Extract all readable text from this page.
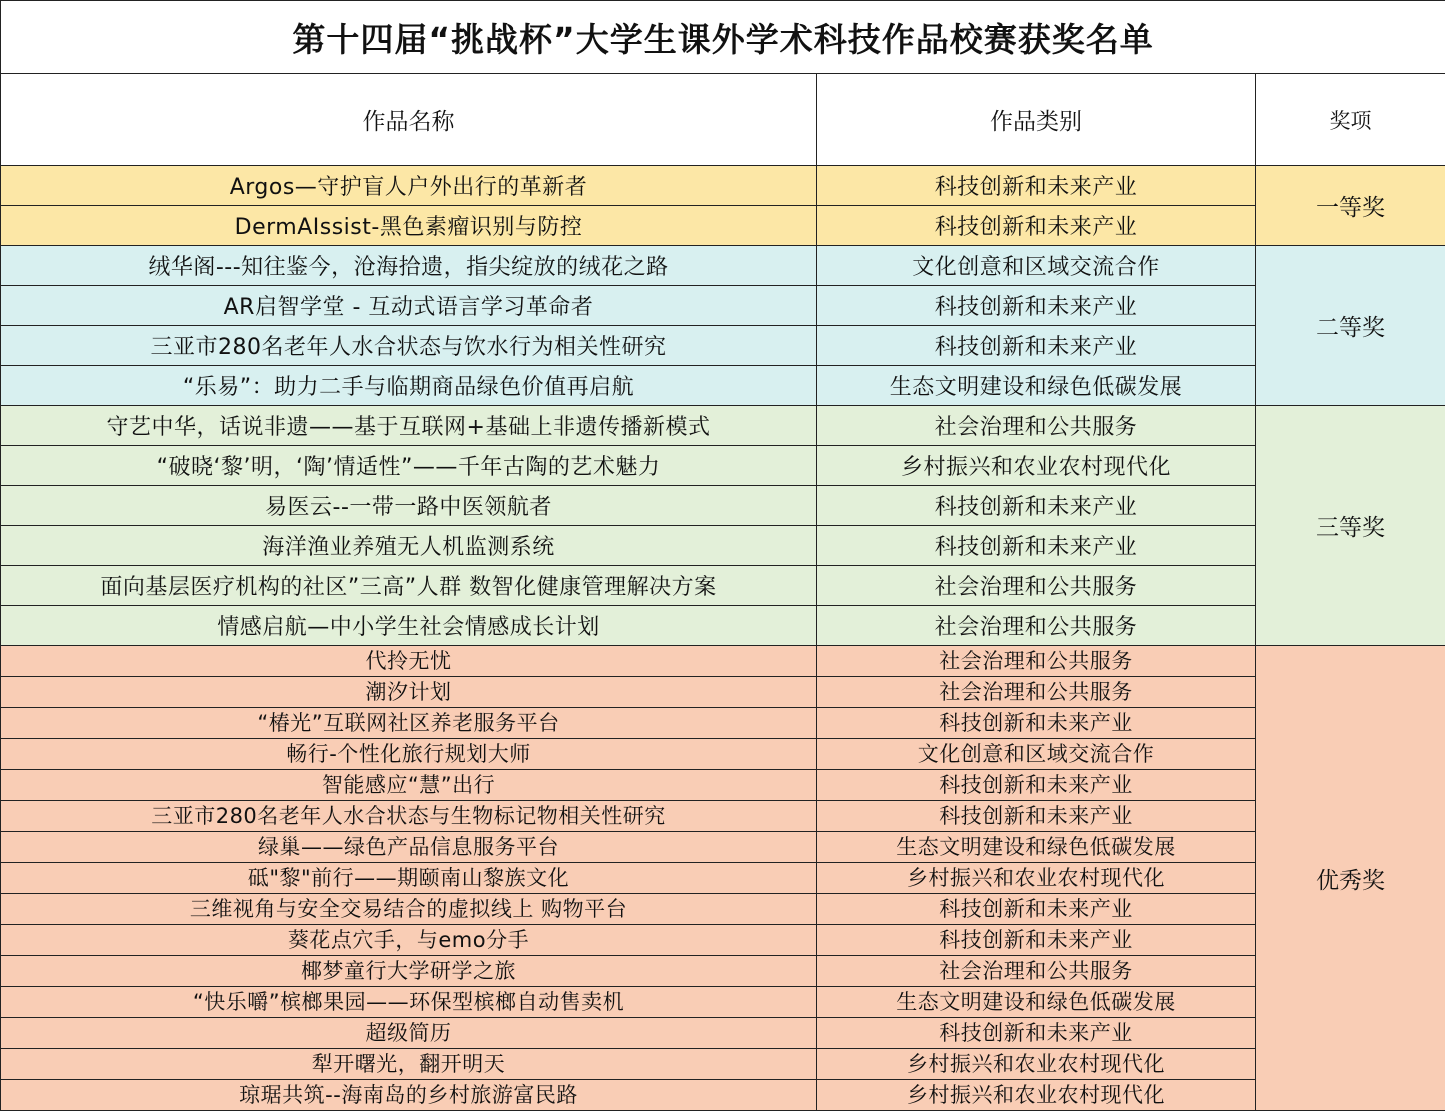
第十四届“挑战杯”大学生课外学术科技作品校赛获奖名单		
作品名称	作品类别	奖项
Argos—守护盲人户外出行的革新者	科技创新和未来产业	一等奖
DermAIssist-黑色素瘤识别与防控	科技创新和未来产业	
绒华阁---知往鉴今，沧海拾遗，指尖绽放的绒花之路	文化创意和区域交流合作	二等奖
AR启智学堂 - 互动式语言学习革命者	科技创新和未来产业	
三亚市280名老年人水合状态与饮水行为相关性研究	科技创新和未来产业	
“乐易”：助力二手与临期商品绿色价值再启航	生态文明建设和绿色低碳发展	
守艺中华，话说非遗——基于互联网+基础上非遗传播新模式	社会治理和公共服务	三等奖
“破晓‘黎’明，‘陶’情适性”——千年古陶的艺术魅力	乡村振兴和农业农村现代化	
易医云--一带一路中医领航者	科技创新和未来产业	
海洋渔业养殖无人机监测系统	科技创新和未来产业	
面向基层医疗机构的社区”三高”人群 数智化健康管理解决方案	社会治理和公共服务	
情感启航—中小学生社会情感成长计划	社会治理和公共服务	
代拎无忧	社会治理和公共服务	优秀奖
潮汐计划	社会治理和公共服务	
“椿光”互联网社区养老服务平台	科技创新和未来产业	
畅行-个性化旅行规划大师	文化创意和区域交流合作	
智能感应“慧”出行	科技创新和未来产业	
三亚市280名老年人水合状态与生物标记物相关性研究	科技创新和未来产业	
绿巢——绿色产品信息服务平台	生态文明建设和绿色低碳发展	
砥"黎"前行——期颐南山黎族文化	乡村振兴和农业农村现代化	
三维视角与安全交易结合的虚拟线上 购物平台	科技创新和未来产业	
葵花点穴手，与emo分手	科技创新和未来产业	
椰梦童行大学研学之旅	社会治理和公共服务	
“快乐嚼”槟榔果园——环保型槟榔自动售卖机	生态文明建设和绿色低碳发展	
超级简历	科技创新和未来产业	
犁开曙光，翻开明天	乡村振兴和农业农村现代化	
琼琚共筑--海南岛的乡村旅游富民路	乡村振兴和农业农村现代化	
